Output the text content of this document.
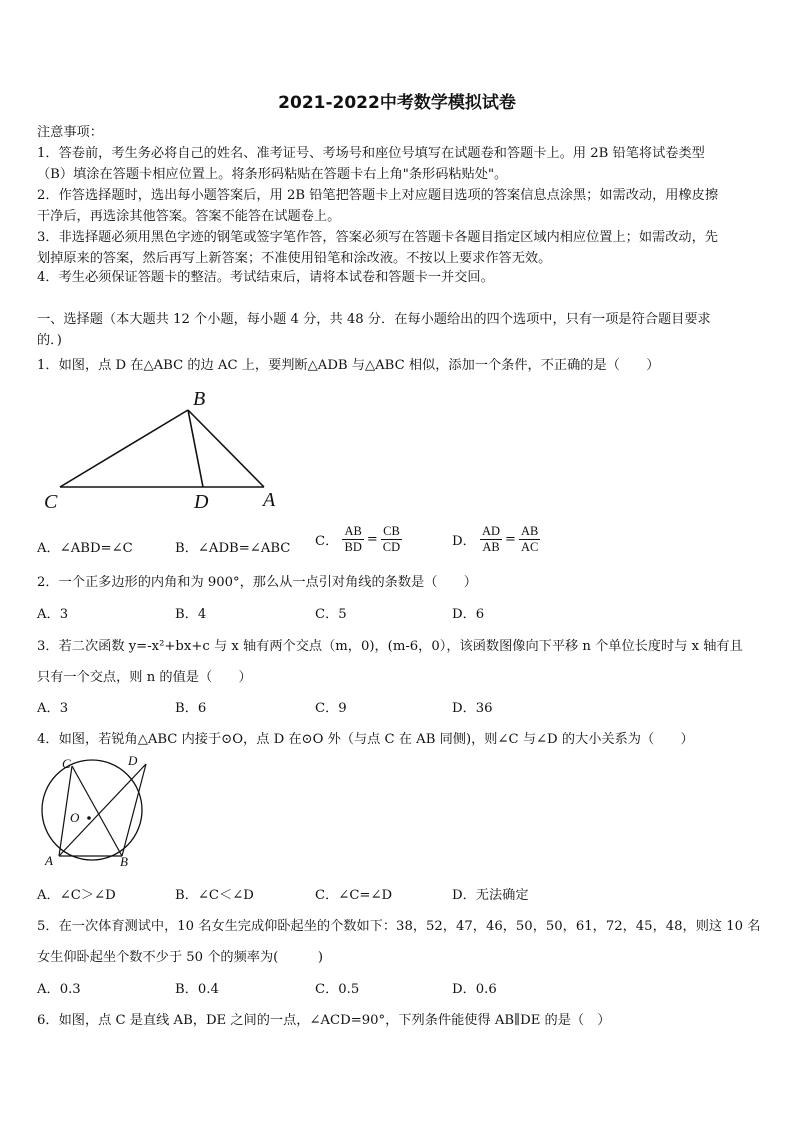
2021-2022中考数学模拟试卷
注意事项：
1．答卷前，考生务必将自己的姓名、准考证号、考场号和座位号填写在试题卷和答题卡上。用 2B 铅笔将试卷类型
（B）填涂在答题卡相应位置上。将条形码粘贴在答题卡右上角"条形码粘贴处"。
2．作答选择题时，选出每小题答案后，用 2B 铅笔把答题卡上对应题目选项的答案信息点涂黑；如需改动，用橡皮擦
干净后，再选涂其他答案。答案不能答在试题卷上。
3．非选择题必须用黑色字迹的钢笔或签字笔作答，答案必须写在答题卡各题目指定区域内相应位置上；如需改动，先
划掉原来的答案，然后再写上新答案；不准使用铅笔和涂改液。不按以上要求作答无效。
4．考生必须保证答题卡的整洁。考试结束后，请将本试卷和答题卡一并交回。
一、选择题（本大题共 12 个小题，每小题 4 分，共 48 分．在每小题给出的四个选项中，只有一项是符合题目要求
的．)
1．如图，点 D 在△ABC 的边 AC 上，要判断△ADB 与△ABC 相似，添加一个条件，不正确的是（　　）
B
C	D	A
A．∠ABD=∠C	B．∠ADB=∠ABC C． $\frac{AB}{BD} = \frac{CB}{CD}$	D． $\frac{AD}{AB} = \frac{AB}{AC}$
2．一个正多边形的内角和为 900°，那么从一点引对角线的条数是（　　）
A．3	B．4	C．5	D．6
3．若二次函数 y=-x²+bx+c 与 x 轴有两个交点（m，0)，(m-6，0），该函数图像向下平移 n 个单位长度时与 x 轴有且
只有一个交点，则 n 的值是（　　）
A．3	B．6	C．9	D．36
4．如图，若锐角△ABC 内接于⊙O，点 D 在⊙O 外（与点 C 在 AB 同侧)，则∠C 与∠D 的大小关系为（　　）
C	D
O
A	B
A．∠C＞∠D	B．∠C＜∠D	C．∠C=∠D	D．无法确定
5．在一次体育测试中，10 名女生完成仰卧起坐的个数如下：38，52，47，46，50，50，61，72，45，48，则这 10 名
女生仰卧起坐个数不少于 50 个的频率为(　　　)
A．0.3	B．0.4	C．0.5	D．0.6
6．如图，点 C 是直线 AB，DE 之间的一点，∠ACD=90°，下列条件能使得 AB∥DE 的是（　）
